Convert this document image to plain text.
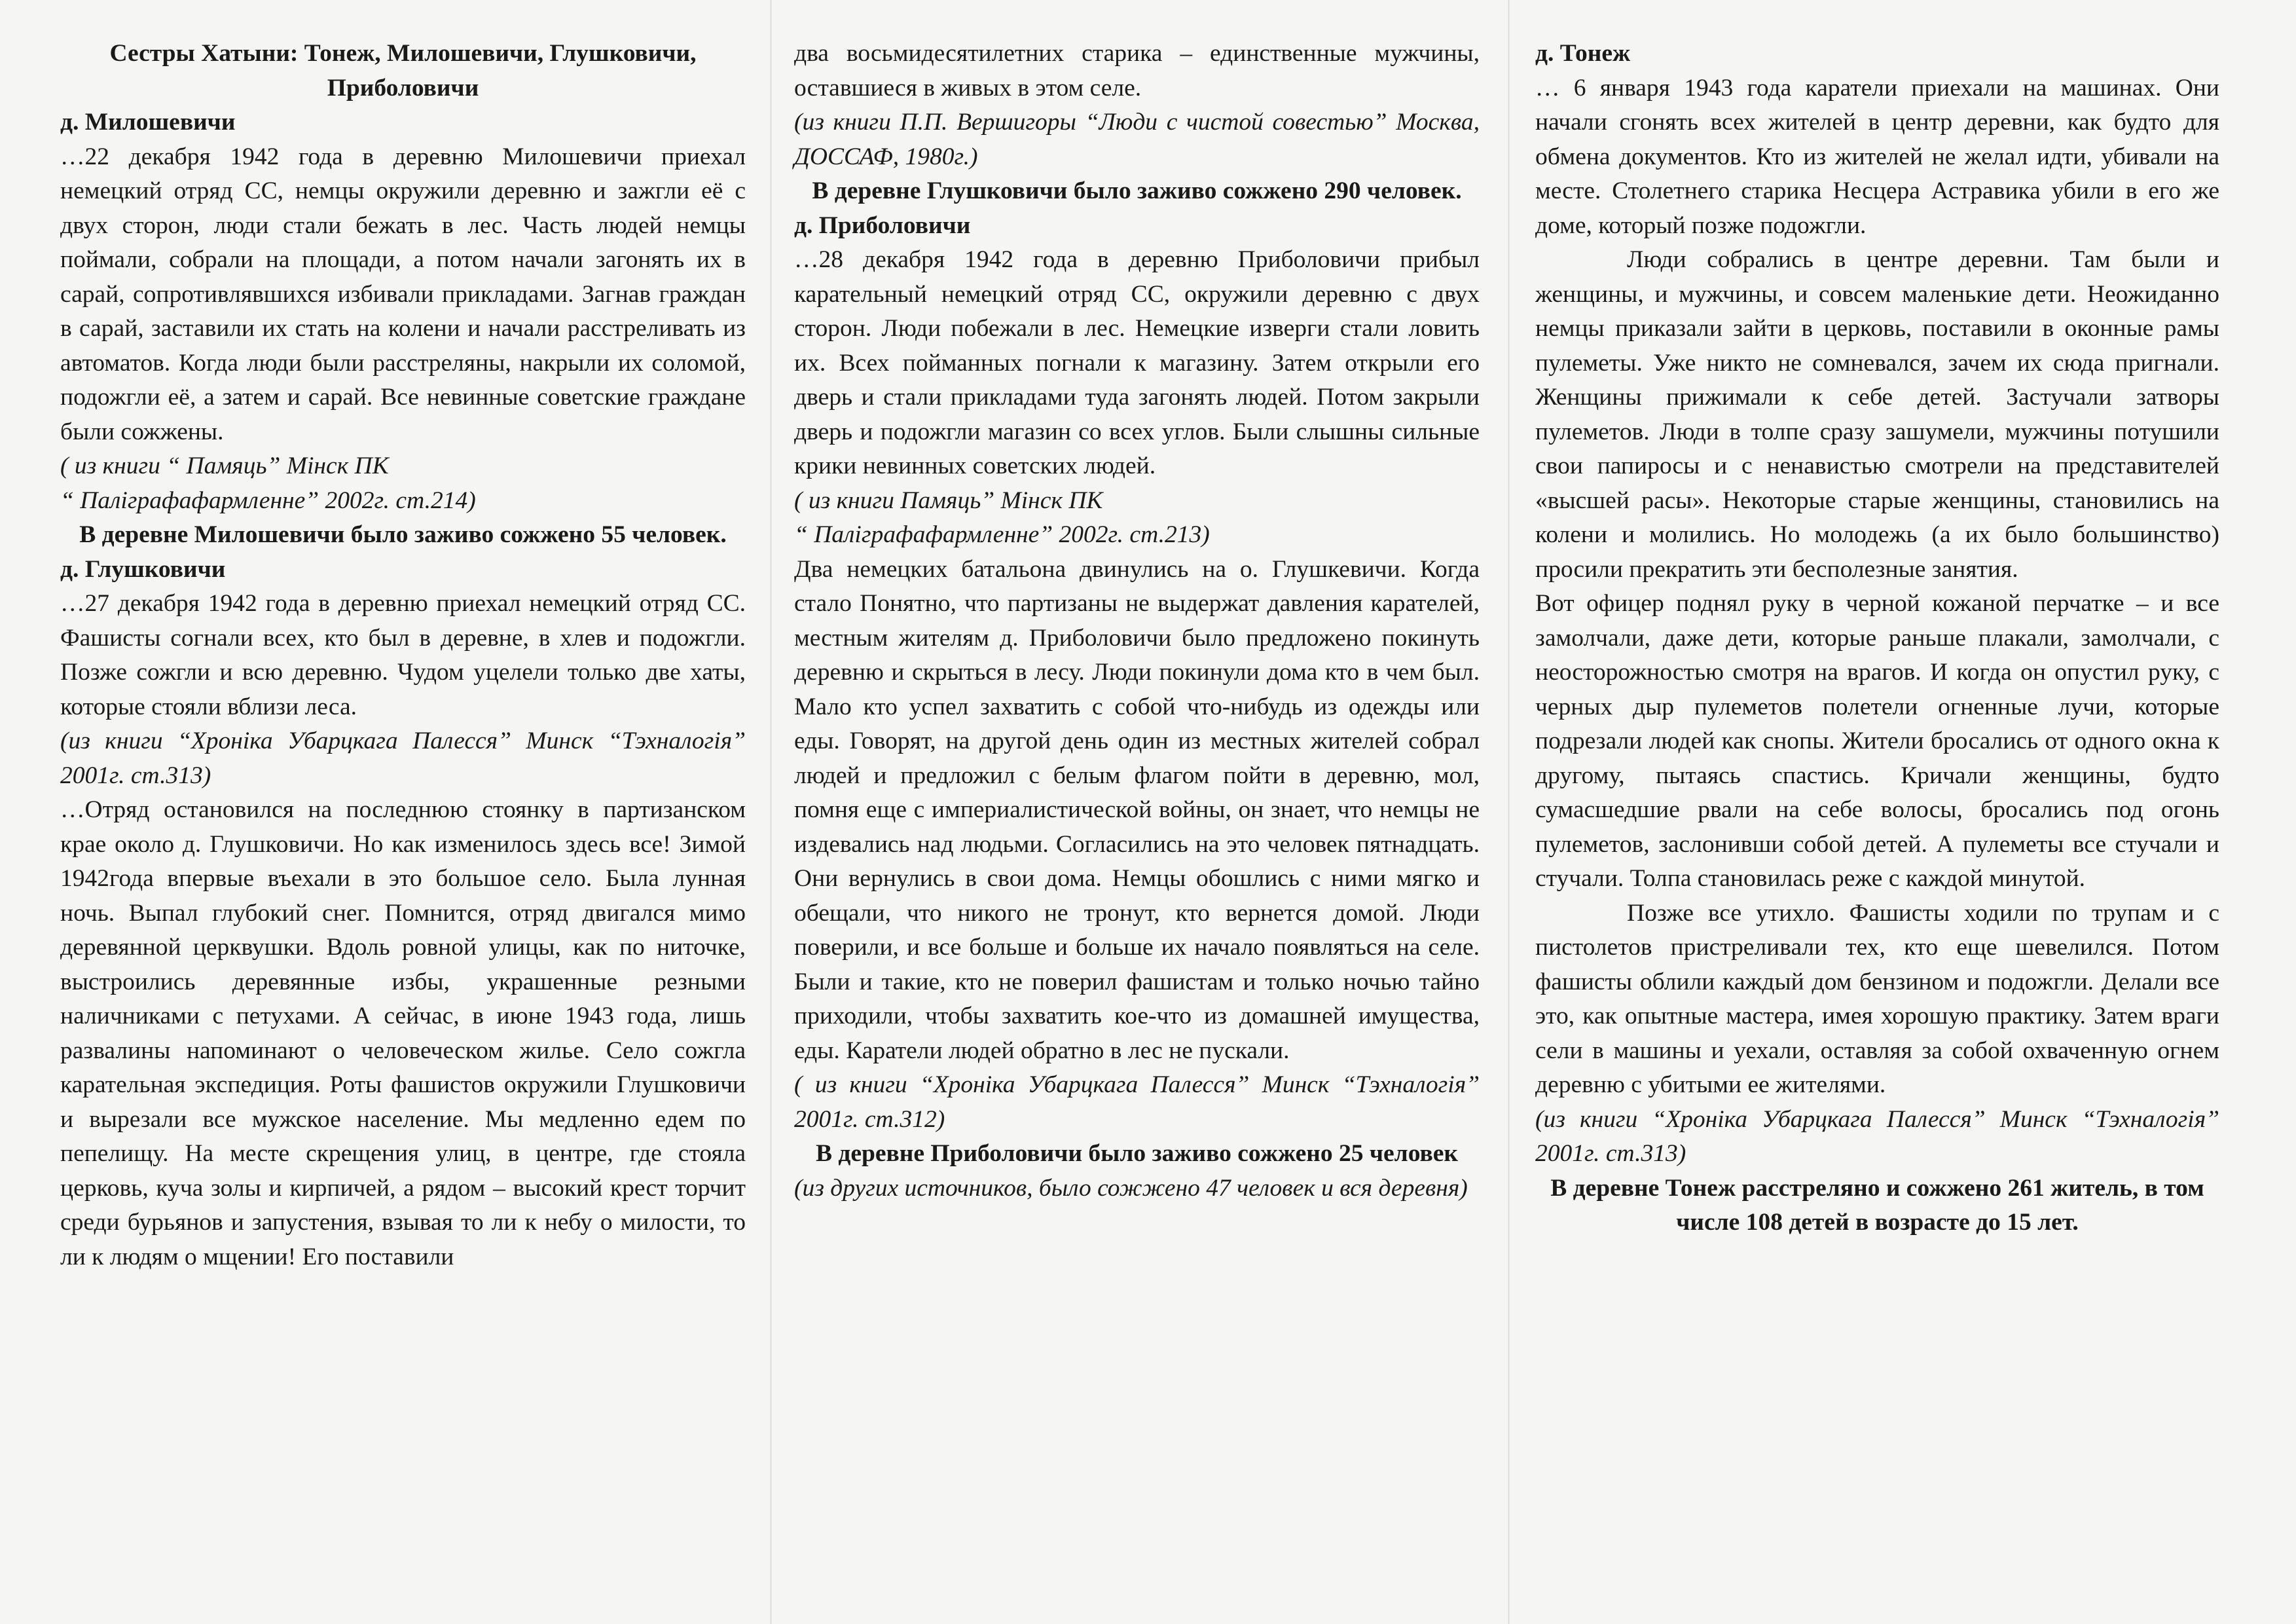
Сестры Хатыни: Тонеж, Милошевичи, Глушковичи, Приболовичи

д. Милошевичи

…22 декабря 1942 года в деревню Милошевичи приехал немецкий отряд СС, немцы окружили деревню и зажгли её с двух сторон, люди стали бежать в лес. Часть людей немцы поймали, собрали на площади, а потом начали загонять их в сарай, сопротивлявшихся избивали прикладами. Загнав граждан в сарай, заставили их стать на колени и начали расстреливать из автоматов. Когда люди были расстреляны, накрыли их соломой, подожгли её, а затем и сарай. Все невинные советские граждане были сожжены.

( из книги “ Памяць” Мінск ПК

“ Паліграфафармленне” 2002г. ст.214)

В деревне Милошевичи было заживо сожжено 55 человек.

д. Глушковичи

…27 декабря 1942 года в деревню приехал немецкий отряд СС. Фашисты согнали всех, кто был в деревне, в хлев и подожгли. Позже сожгли и всю деревню. Чудом уцелели только две хаты, которые стояли вблизи леса.

(из книги “Хроніка Убарцкага Палесся” Минск “Тэхналогія” 2001г. ст.313)

…Отряд остановился на последнюю стоянку в партизанском крае около д. Глушковичи. Но как изменилось здесь все! Зимой 1942года впервые въехали в это большое село. Была лунная ночь. Выпал глубокий снег. Помнится, отряд двигался мимо деревянной церквушки. Вдоль ровной улицы, как по ниточке, выстроились деревянные избы, украшенные резными наличниками с петухами. А сейчас, в июне 1943 года, лишь развалины напоминают о человеческом жилье. Село сожгла карательная экспедиция. Роты фашистов окружили Глушковичи и вырезали все мужское население. Мы медленно едем по пепелищу. На месте скрещения улиц, в центре, где стояла церковь, куча золы и кирпичей, а рядом – высокий крест торчит среди бурьянов и запустения, взывая то ли к небу о милости, то ли к людям о мщении! Его поставили

два восьмидесятилетних старика – единственные мужчины, оставшиеся в живых в этом селе.

(из книги П.П. Вершигоры “Люди с чистой совестью” Москва, ДОССАФ, 1980г.)

В деревне Глушковичи было заживо сожжено 290 человек.

д. Приболовичи

…28 декабря 1942 года в деревню Приболовичи прибыл карательный немецкий отряд СС, окружили деревню с двух сторон. Люди побежали в лес. Немецкие изверги стали ловить их. Всех пойманных погнали к магазину. Затем открыли его дверь и стали прикладами туда загонять людей. Потом закрыли дверь и подожгли магазин со всех углов. Были слышны сильные крики невинных советских людей.

( из книги Памяць” Мінск ПК

“ Паліграфафармленне” 2002г. ст.213)

Два немецких батальона двинулись на о. Глушкевичи. Когда стало Понятно, что партизаны не выдержат давления карателей, местным жителям д. Приболовичи было предложено покинуть деревню и скрыться в лесу. Люди покинули дома кто в чем был. Мало кто успел захватить с собой что-нибудь из одежды или еды. Говорят, на другой день один из местных жителей собрал людей и предложил с белым флагом пойти в деревню, мол, помня еще с империалистической войны, он знает, что немцы не издевались над людьми. Согласились на это человек пятнадцать. Они вернулись в свои дома. Немцы обошлись с ними мягко и обещали, что никого не тронут, кто вернется домой. Люди поверили, и все больше и больше их начало появляться на селе. Были и такие, кто не поверил фашистам и только ночью тайно приходили, чтобы захватить кое-что из домашней имущества, еды. Каратели людей обратно в лес не пускали.

( из книги “Хроніка Убарцкага Палесся” Минск “Тэхналогія” 2001г. ст.312)

В деревне Приболовичи было заживо сожжено 25 человек

(из других источников, было сожжено 47 человек и вся деревня)

д. Тонеж

… 6 января 1943 года каратели приехали на машинах. Они начали сгонять всех жителей в центр деревни, как будто для обмена документов. Кто из жителей не желал идти, убивали на месте. Столетнего старика Несцера Астравика убили в его же доме, который позже подожгли.

Люди собрались в центре деревни. Там были и женщины, и мужчины, и совсем маленькие дети. Неожиданно немцы приказали зайти в церковь, поставили в оконные рамы пулеметы. Уже никто не сомневался, зачем их сюда пригнали. Женщины прижимали к себе детей. Застучали затворы пулеметов. Люди в толпе сразу зашумели, мужчины потушили свои папиросы и с ненавистью смотрели на представителей «высшей расы». Некоторые старые женщины, становились на колени и молились. Но молодежь (а их было большинство) просили прекратить эти бесполезные занятия.

Вот офицер поднял руку в черной кожаной перчатке – и все замолчали, даже дети, которые раньше плакали, замолчали, с неосторожностью смотря на врагов. И когда он опустил руку, с черных дыр пулеметов полетели огненные лучи, которые подрезали людей как снопы. Жители бросались от одного окна к другому, пытаясь спастись. Кричали женщины, будто сумасшедшие рвали на себе волосы, бросались под огонь пулеметов, заслонивши собой детей. А пулеметы все стучали и стучали. Толпа становилась реже с каждой минутой.

Позже все утихло. Фашисты ходили по трупам и с пистолетов пристреливали тех, кто еще шевелился. Потом фашисты облили каждый дом бензином и подожгли. Делали все это, как опытные мастера, имея хорошую практику. Затем враги сели в машины и уехали, оставляя за собой охваченную огнем деревню с убитыми ее жителями.

(из книги “Хроніка Убарцкага Палесся” Минск “Тэхналогія” 2001г. ст.313)

В деревне Тонеж расстреляно и сожжено 261 житель, в том числе 108 детей в возрасте до 15 лет.
